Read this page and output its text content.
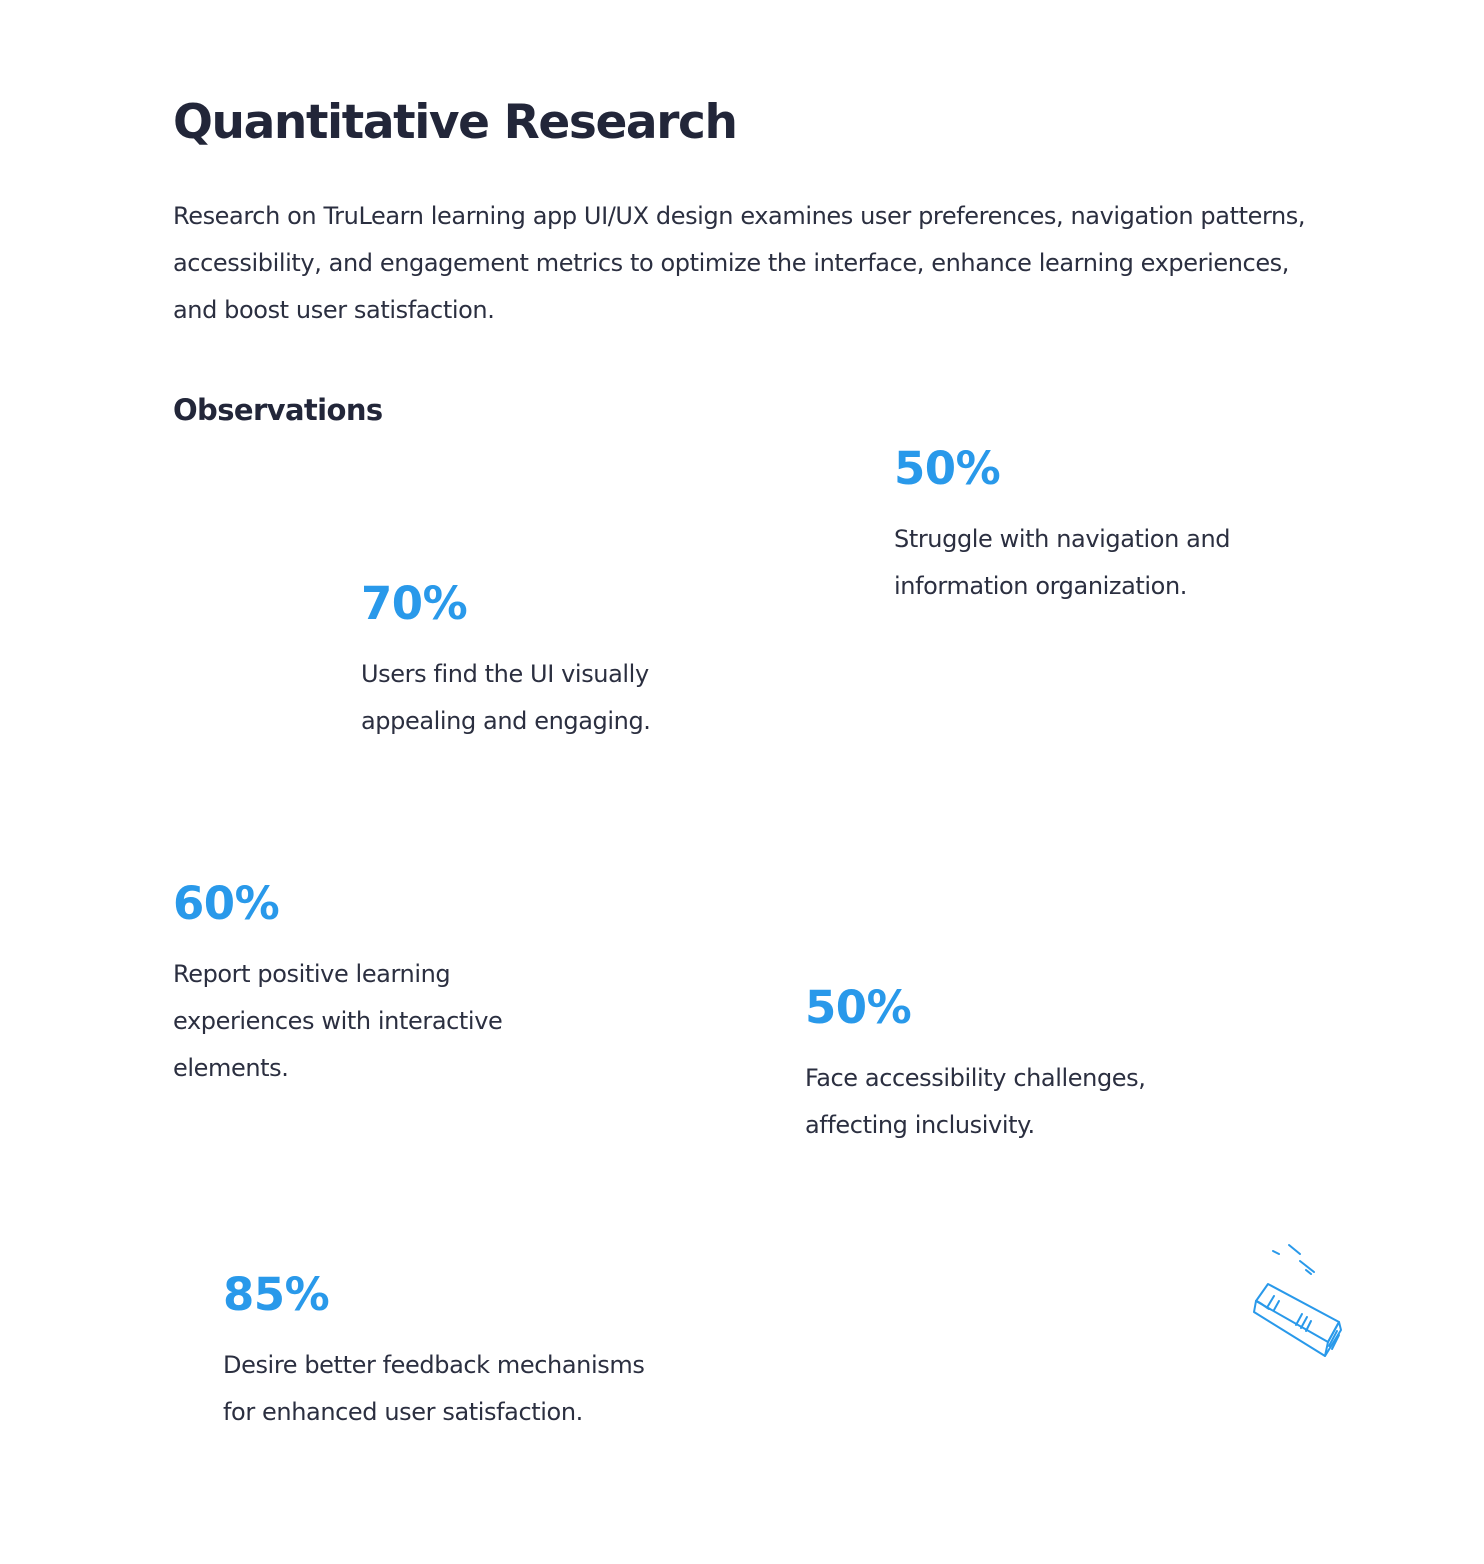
Quantitative Research

Research on TruLearn learning app UI/UX design examines user preferences, navigation patterns, accessibility, and engagement metrics to optimize the interface, enhance learning experiences, and boost user satisfaction.

Observations
50%

Struggle with navigation and information organization.

70%

Users find the UI visually appealing and engaging.

60%

Report positive learning experiences with interactive elements.

50%

Face accessibility challenges, affecting inclusivity.

85%

Desire better feedback mechanisms for enhanced user satisfaction.
